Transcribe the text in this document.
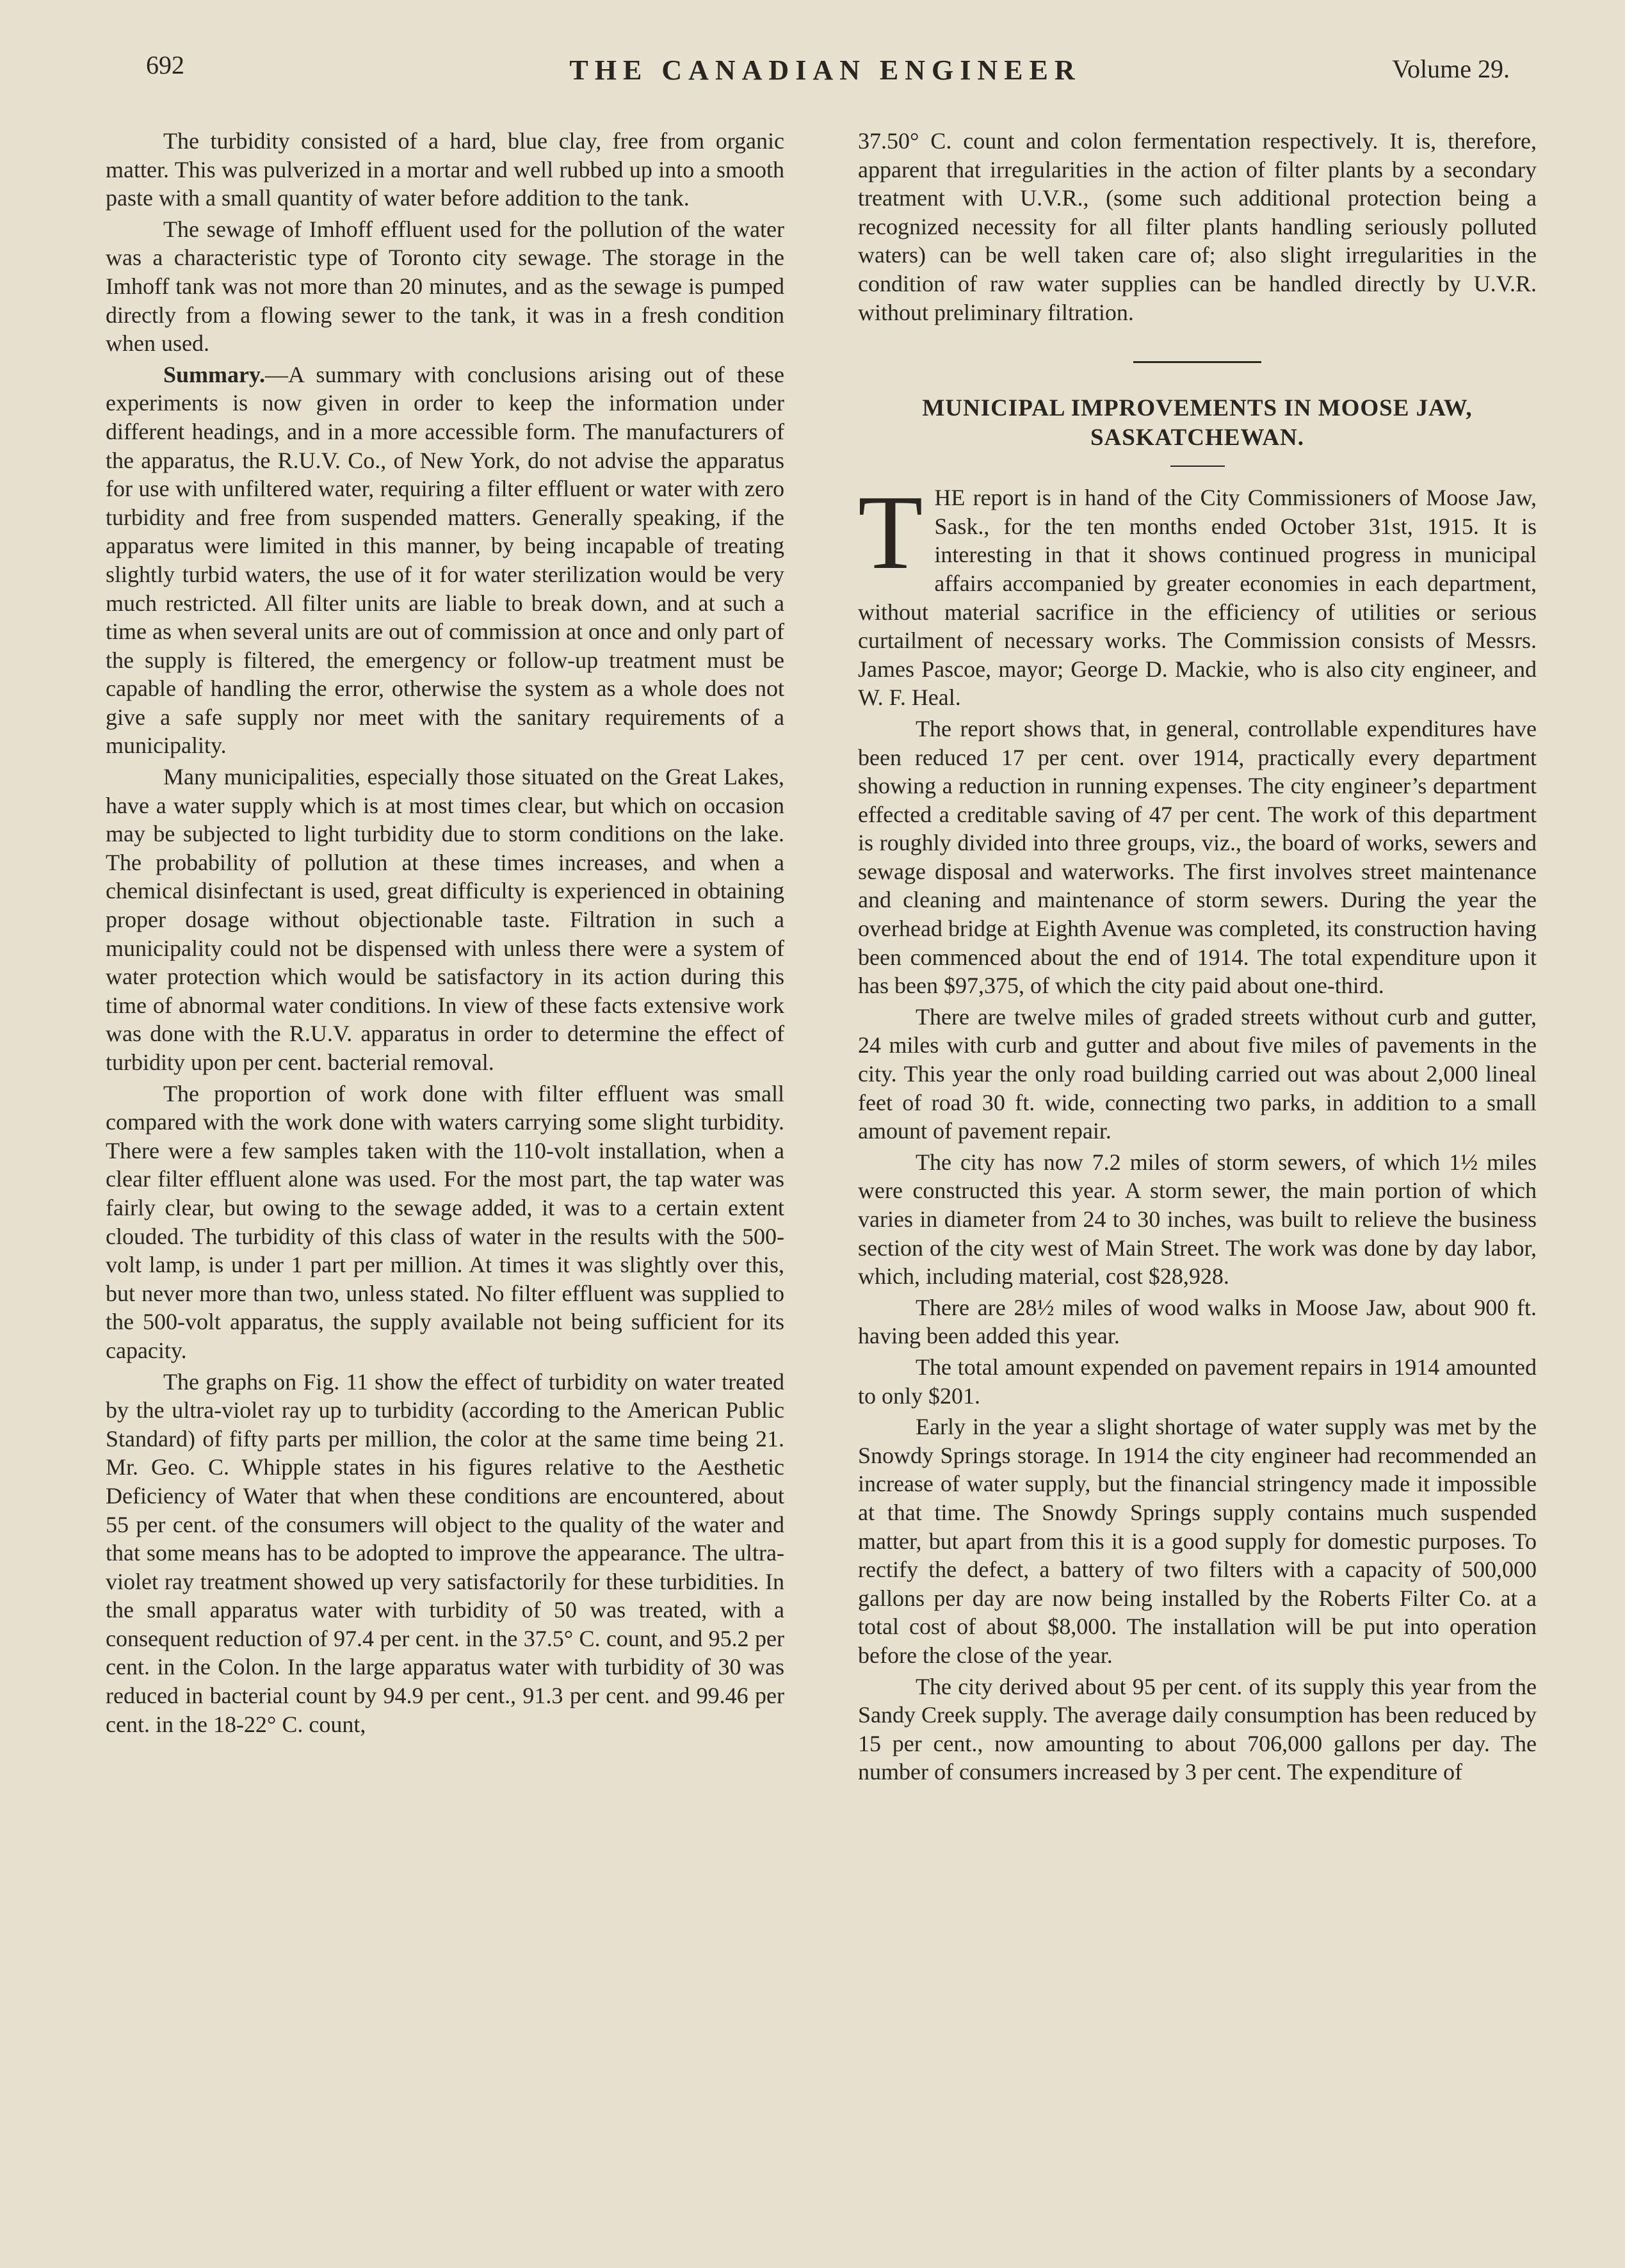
692	THE CANADIAN ENGINEER	Volume 29.

The turbidity consisted of a hard, blue clay, free from organic matter. This was pulverized in a mortar and well rubbed up into a smooth paste with a small quantity of water before addition to the tank.

The sewage of Imhoff effluent used for the pollution of the water was a characteristic type of Toronto city sewage. The storage in the Imhoff tank was not more than 20 minutes, and as the sewage is pumped directly from a flowing sewer to the tank, it was in a fresh condition when used.

Summary.—A summary with conclusions arising out of these experiments is now given in order to keep the information under different headings, and in a more accessible form. The manufacturers of the apparatus, the R.U.V. Co., of New York, do not advise the apparatus for use with unfiltered water, requiring a filter effluent or water with zero turbidity and free from suspended matters. Generally speaking, if the apparatus were limited in this manner, by being incapable of treating slightly turbid waters, the use of it for water sterilization would be very much restricted. All filter units are liable to break down, and at such a time as when several units are out of commission at once and only part of the supply is filtered, the emergency or follow-up treatment must be capable of handling the error, otherwise the system as a whole does not give a safe supply nor meet with the sanitary requirements of a municipality.

Many municipalities, especially those situated on the Great Lakes, have a water supply which is at most times clear, but which on occasion may be subjected to light turbidity due to storm conditions on the lake. The probability of pollution at these times increases, and when a chemical disinfectant is used, great difficulty is experienced in obtaining proper dosage without objectionable taste. Filtration in such a municipality could not be dispensed with unless there were a system of water protection which would be satisfactory in its action during this time of abnormal water conditions. In view of these facts extensive work was done with the R.U.V. apparatus in order to determine the effect of turbidity upon per cent. bacterial removal.

The proportion of work done with filter effluent was small compared with the work done with waters carrying some slight turbidity. There were a few samples taken with the 110-volt installation, when a clear filter effluent alone was used. For the most part, the tap water was fairly clear, but owing to the sewage added, it was to a certain extent clouded. The turbidity of this class of water in the results with the 500-volt lamp, is under 1 part per million. At times it was slightly over this, but never more than two, unless stated. No filter effluent was supplied to the 500-volt apparatus, the supply available not being sufficient for its capacity.

The graphs on Fig. 11 show the effect of turbidity on water treated by the ultra-violet ray up to turbidity (according to the American Public Standard) of fifty parts per million, the color at the same time being 21. Mr. Geo. C. Whipple states in his figures relative to the Aesthetic Deficiency of Water that when these conditions are encountered, about 55 per cent. of the consumers will object to the quality of the water and that some means has to be adopted to improve the appearance. The ultra-violet ray treatment showed up very satisfactorily for these turbidities. In the small apparatus water with turbidity of 50 was treated, with a consequent reduction of 97.4 per cent. in the 37.5° C. count, and 95.2 per cent. in the Colon. In the large apparatus water with turbidity of 30 was reduced in bacterial count by 94.9 per cent., 91.3 per cent. and 99.46 per cent. in the 18-22° C. count,

37.50° C. count and colon fermentation respectively. It is, therefore, apparent that irregularities in the action of filter plants by a secondary treatment with U.V.R., (some such additional protection being a recognized necessity for all filter plants handling seriously polluted waters) can be well taken care of; also slight irregularities in the condition of raw water supplies can be handled directly by U.V.R. without preliminary filtration.

MUNICIPAL IMPROVEMENTS IN MOOSE JAW,
SASKATCHEWAN.

THE report is in hand of the City Commissioners of Moose Jaw, Sask., for the ten months ended October 31st, 1915. It is interesting in that it shows continued progress in municipal affairs accompanied by greater economies in each department, without material sacrifice in the efficiency of utilities or serious curtailment of necessary works. The Commission consists of Messrs. James Pascoe, mayor; George D. Mackie, who is also city engineer, and W. F. Heal.

The report shows that, in general, controllable expenditures have been reduced 17 per cent. over 1914, practically every department showing a reduction in running expenses. The city engineer’s department effected a creditable saving of 47 per cent. The work of this department is roughly divided into three groups, viz., the board of works, sewers and sewage disposal and waterworks. The first involves street maintenance and cleaning and maintenance of storm sewers. During the year the overhead bridge at Eighth Avenue was completed, its construction having been commenced about the end of 1914. The total expenditure upon it has been $97,375, of which the city paid about one-third.

There are twelve miles of graded streets without curb and gutter, 24 miles with curb and gutter and about five miles of pavements in the city. This year the only road building carried out was about 2,000 lineal feet of road 30 ft. wide, connecting two parks, in addition to a small amount of pavement repair.

The city has now 7.2 miles of storm sewers, of which 1½ miles were constructed this year. A storm sewer, the main portion of which varies in diameter from 24 to 30 inches, was built to relieve the business section of the city west of Main Street. The work was done by day labor, which, including material, cost $28,928.

There are 28½ miles of wood walks in Moose Jaw, about 900 ft. having been added this year.

The total amount expended on pavement repairs in 1914 amounted to only $201.

Early in the year a slight shortage of water supply was met by the Snowdy Springs storage. In 1914 the city engineer had recommended an increase of water supply, but the financial stringency made it impossible at that time. The Snowdy Springs supply contains much suspended matter, but apart from this it is a good supply for domestic purposes. To rectify the defect, a battery of two filters with a capacity of 500,000 gallons per day are now being installed by the Roberts Filter Co. at a total cost of about $8,000. The installation will be put into operation before the close of the year.

The city derived about 95 per cent. of its supply this year from the Sandy Creek supply. The average daily consumption has been reduced by 15 per cent., now amounting to about 706,000 gallons per day. The number of consumers increased by 3 per cent. The expenditure of
